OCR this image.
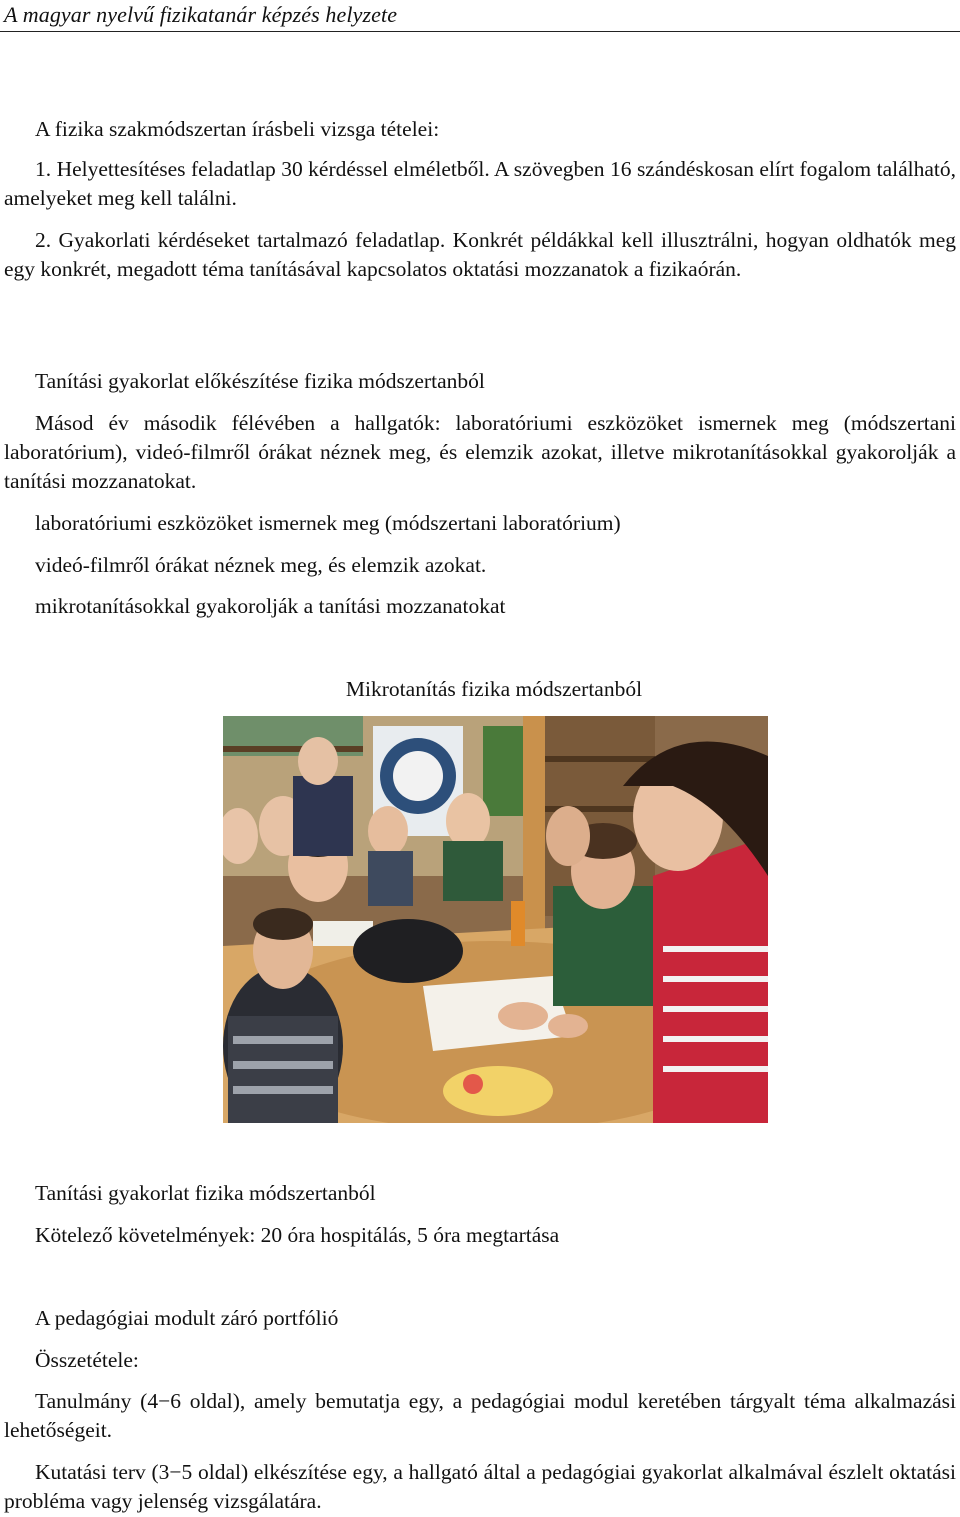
A magyar nyelvű fizikatanár képzés helyzete
A fizika szakmódszertan írásbeli vizsga tételei:
1. Helyettesítéses feladatlap 30 kérdéssel elméletből. A szövegben 16 szándéskosan elírt fogalom található, amelyeket meg kell találni.
2. Gyakorlati kérdéseket tartalmazó feladatlap. Konkrét példákkal kell illusztrálni, hogyan oldhatók meg egy konkrét, megadott téma tanításával kapcsolatos oktatási mozzanatok a fizikaórán.
Tanítási gyakorlat előkészítése fizika módszertanból
Másod év második félévében a hallgatók: laboratóriumi eszközöket ismernek meg (módszertani laboratórium), videó-filmről órákat néznek meg, és elemzik azokat, illetve mikrotanításokkal gyakorolják a tanítási mozzanatokat.
laboratóriumi eszközöket ismernek meg (módszertani laboratórium)
videó-filmről órákat néznek meg, és elemzik azokat.
mikrotanításokkal gyakorolják a tanítási mozzanatokat
Mikrotanítás fizika módszertanból
Tanítási gyakorlat fizika módszertanból
Kötelező követelmények: 20 óra hospitálás, 5 óra megtartása
A pedagógiai modult záró portfólió
Összetétele:
Tanulmány (4−6 oldal), amely bemutatja egy, a pedagógiai modul keretében tárgyalt téma alkalmazási lehetőségeit.
Kutatási terv (3−5 oldal) elkészítése egy, a hallgató által a pedagógiai gyakorlat alkalmával észlelt oktatási probléma vagy jelenség vizsgálatára.
